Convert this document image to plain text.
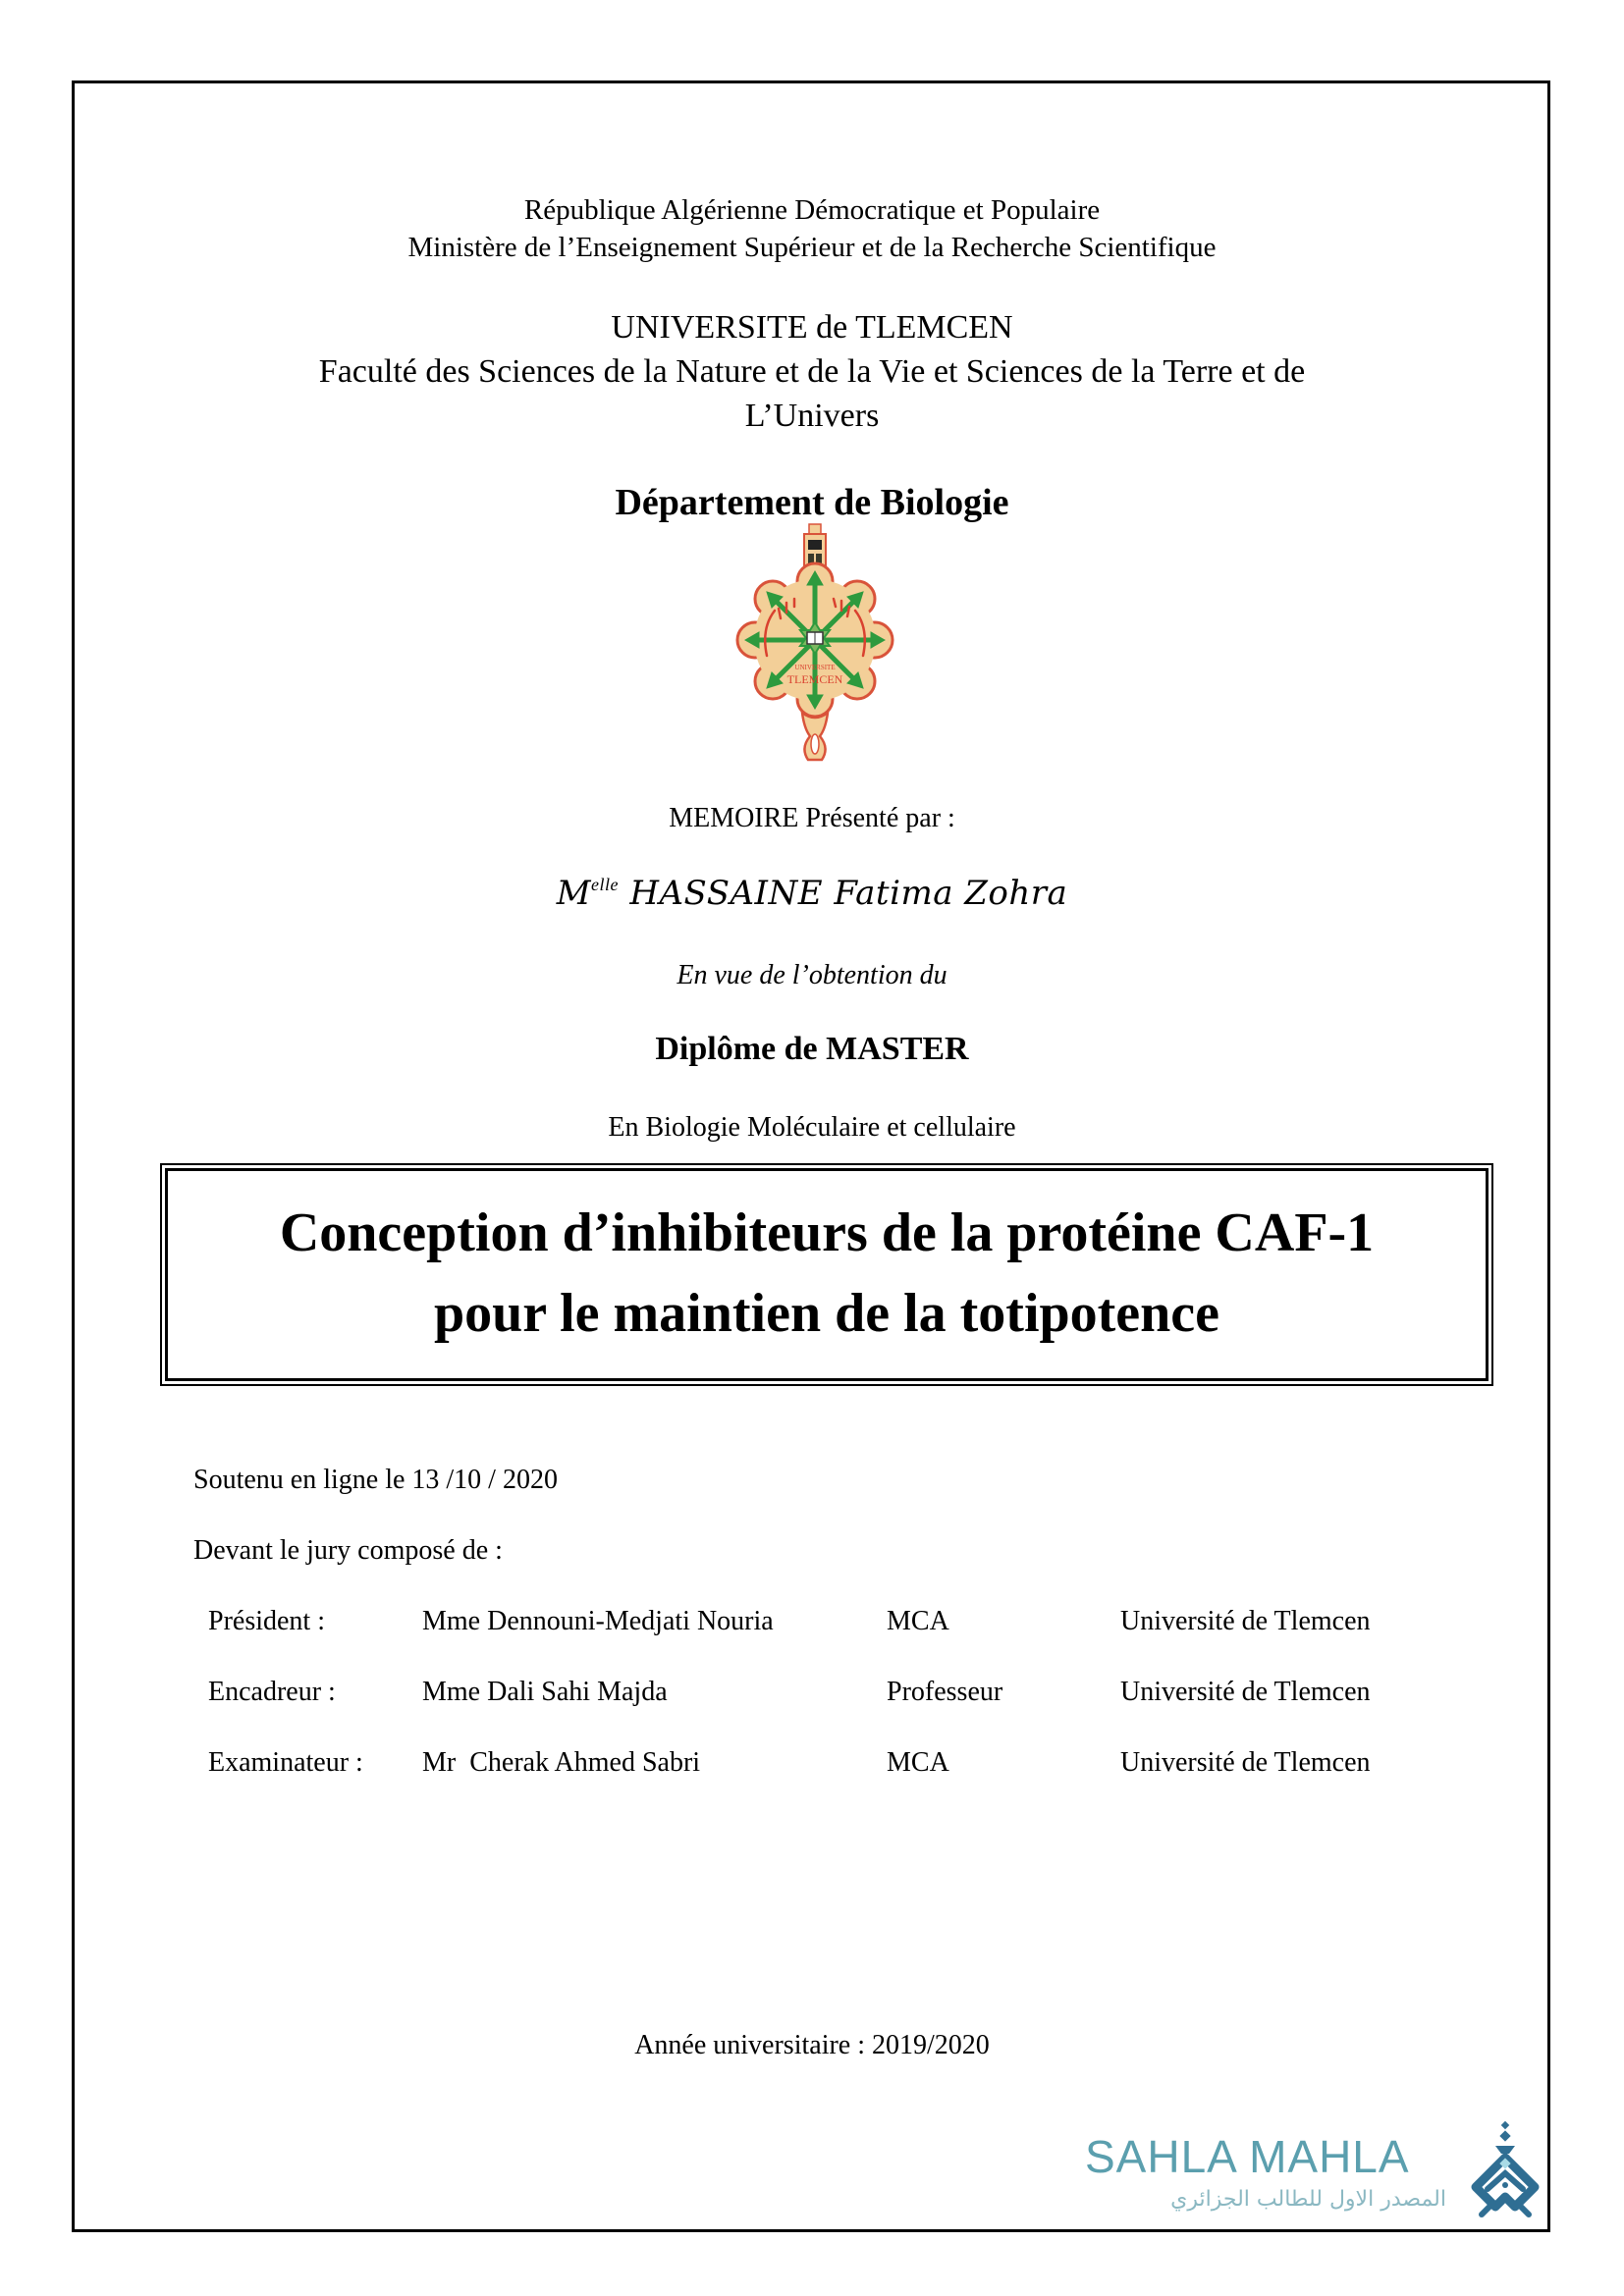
République Algérienne Démocratique et Populaire
Ministère de l’Enseignement Supérieur et de la Recherche Scientifique
UNIVERSITE de TLEMCEN
Faculté des Sciences de la Nature et de la Vie et Sciences de la Terre et de
L’Univers
Département de Biologie
UNIVERSITE
TLEMCEN
MEMOIRE Présenté par :
$M^{elle}$ HASSAINE Fatima Zohra
En vue de l’obtention du
Diplôme de MASTER
En Biologie Moléculaire et cellulaire
Conception d’inhibiteurs de la protéine CAF-1
pour le maintien de la totipotence
Soutenu en ligne le 13 /10 / 2020
Devant le jury composé de :
Président :	Mme Dennouni-Medjati Nouria	MCA	Université de Tlemcen
Encadreur :	Mme Dali Sahi Majda	Professeur	Université de Tlemcen
Examinateur : Mr  Cherak Ahmed Sabri	MCA	Université de Tlemcen
Année universitaire : 2019/2020
SAHLA MAHLA
المصدر الاول للطالب الجزائري
